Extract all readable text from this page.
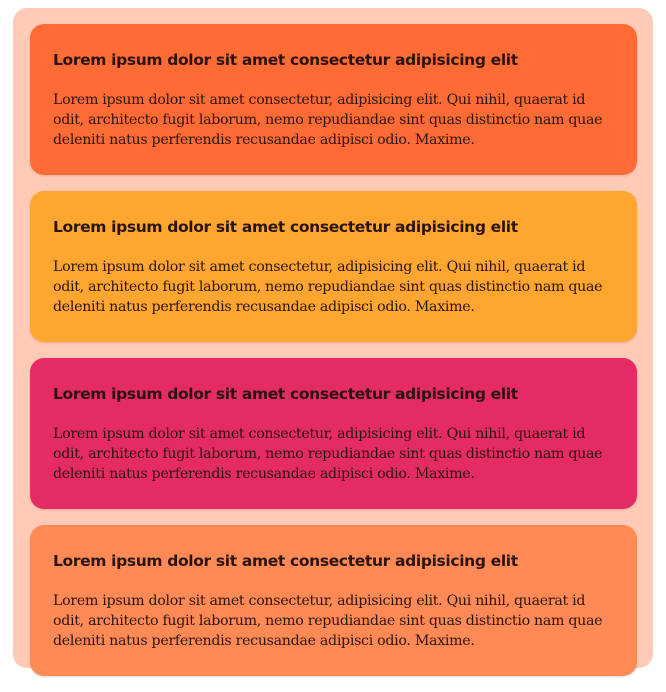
Lorem ipsum dolor sit amet consectetur adipisicing elit

Lorem ipsum dolor sit amet consectetur, adipisicing elit. Qui nihil, quaerat id odit, architecto fugit laborum, nemo repudiandae sint quas distinctio nam quae deleniti natus perferendis recusandae adipisci odio. Maxime.

Lorem ipsum dolor sit amet consectetur adipisicing elit

Lorem ipsum dolor sit amet consectetur, adipisicing elit. Qui nihil, quaerat id odit, architecto fugit laborum, nemo repudiandae sint quas distinctio nam quae deleniti natus perferendis recusandae adipisci odio. Maxime.

Lorem ipsum dolor sit amet consectetur adipisicing elit

Lorem ipsum dolor sit amet consectetur, adipisicing elit. Qui nihil, quaerat id odit, architecto fugit laborum, nemo repudiandae sint quas distinctio nam quae deleniti natus perferendis recusandae adipisci odio. Maxime.

Lorem ipsum dolor sit amet consectetur adipisicing elit

Lorem ipsum dolor sit amet consectetur, adipisicing elit. Qui nihil, quaerat id odit, architecto fugit laborum, nemo repudiandae sint quas distinctio nam quae deleniti natus perferendis recusandae adipisci odio. Maxime.
